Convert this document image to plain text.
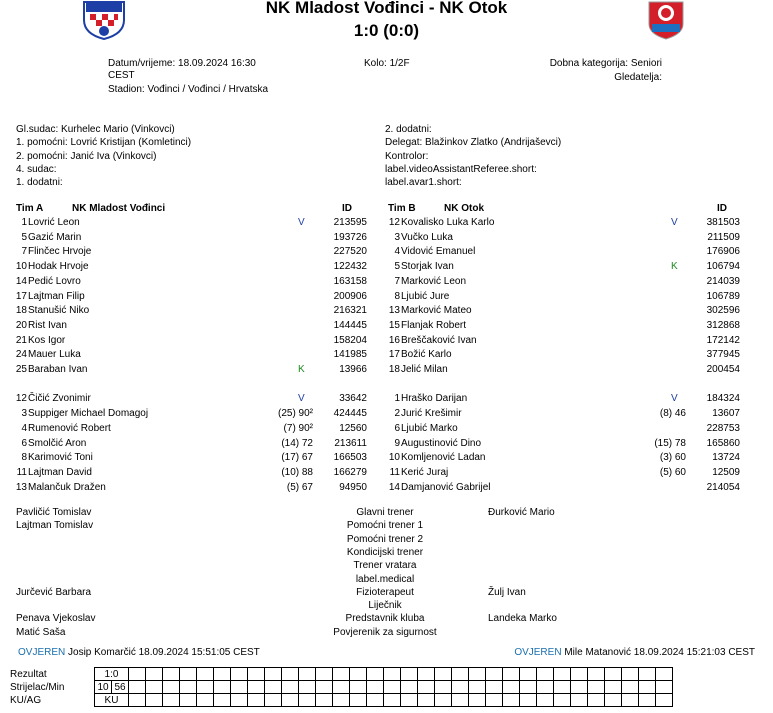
NK Mladost Vođinci - NK Otok
1:0 (0:0)
Datum/vrijeme: 18.09.2024 16:30
CEST
Stadion: Vođinci / Vođinci / Hrvatska
Kolo: 1/2F	Dobna kategorija: Seniori
Gledatelja:
Gl.sudac: Kurhelec Mario (Vinkovci)
1. pomoćni: Lovrić Kristijan (Komletinci)
2. pomoćni: Janić Iva (Vinkovci)
4. sudac:
1. dodatni:
2. dodatni:
Delegat: Blažinkov Zlatko (Andrijaševci)
Kontrolor:
label.videoAssistantReferee.short:
label.avar1.short:
Tim A	NK Mladost Vođinci	ID	Tim B	NK Otok	ID
1 Lovrić Leon	V	213595
5 Gazić Marin	193726
7 Flinčec Hrvoje	227520
10 Hodak Hrvoje	122432
14 Pedić Lovro	163158
17 Lajtman Filip	200906
18 Stanušić Niko	216321
20 Rist Ivan	144445
21 Kos Igor	158204
24 Mauer Luka	141985
25 Baraban Ivan	K	13966
12 Čičić Zvonimir	V	33642
3 Suppiger Michael Domagoj	(25) 90²	424445
4 Rumenović Robert	(7) 90²	12560
6 Smolčić Aron	(14) 72	213611
8 Karimović Toni	(17) 67	166503
11 Lajtman David	(10) 88	166279
13 Malančuk Dražen	(5) 67	94950
12 Kovalisko Luka Karlo	V	381503
3 Vučko Luka	211509
4 Vidović Emanuel	176906
5 Storjak Ivan	K	106794
7 Marković Leon	214039
8 Ljubić Jure	106789
13 Marković Mateo	302596
15 Flanjak Robert	312868
16 Breščaković Ivan	172142
17 Božić Karlo	377945
18 Jelić Milan	200454
1 Hraško Darijan	V	184324
2 Jurić Krešimir	(8) 46	13607
6 Ljubić Marko	228753
9 Augustinović Dino	(15) 78	165860
10 Komljenović Ladan	(3) 60	13724
11 Kerić Juraj	(5) 60	12509
14 Damjanović Gabrijel	214054
Glavni trener
Pavličić Tomislav	Đurković Mario
Pomoćni trener 1
Lajtman Tomislav
Pomoćni trener 2
Kondicijski trener
Trener vratara
label.medical
Fizioterapeut
Jurčević Barbara	Žulj Ivan
Liječnik
Predstavnik kluba
Penava Vjekoslav	Landeka Marko
Povjerenik za sigurnost
Matić Saša
OVJEREN Josip Komarčić 18.09.2024 15:51:05 CEST	OVJEREN Mile Matanović 18.09.2024 15:21:03 CEST
Rezultat	1:0																																	
Strijelac/Min	10	56																																
KU/AG	KU																																	
